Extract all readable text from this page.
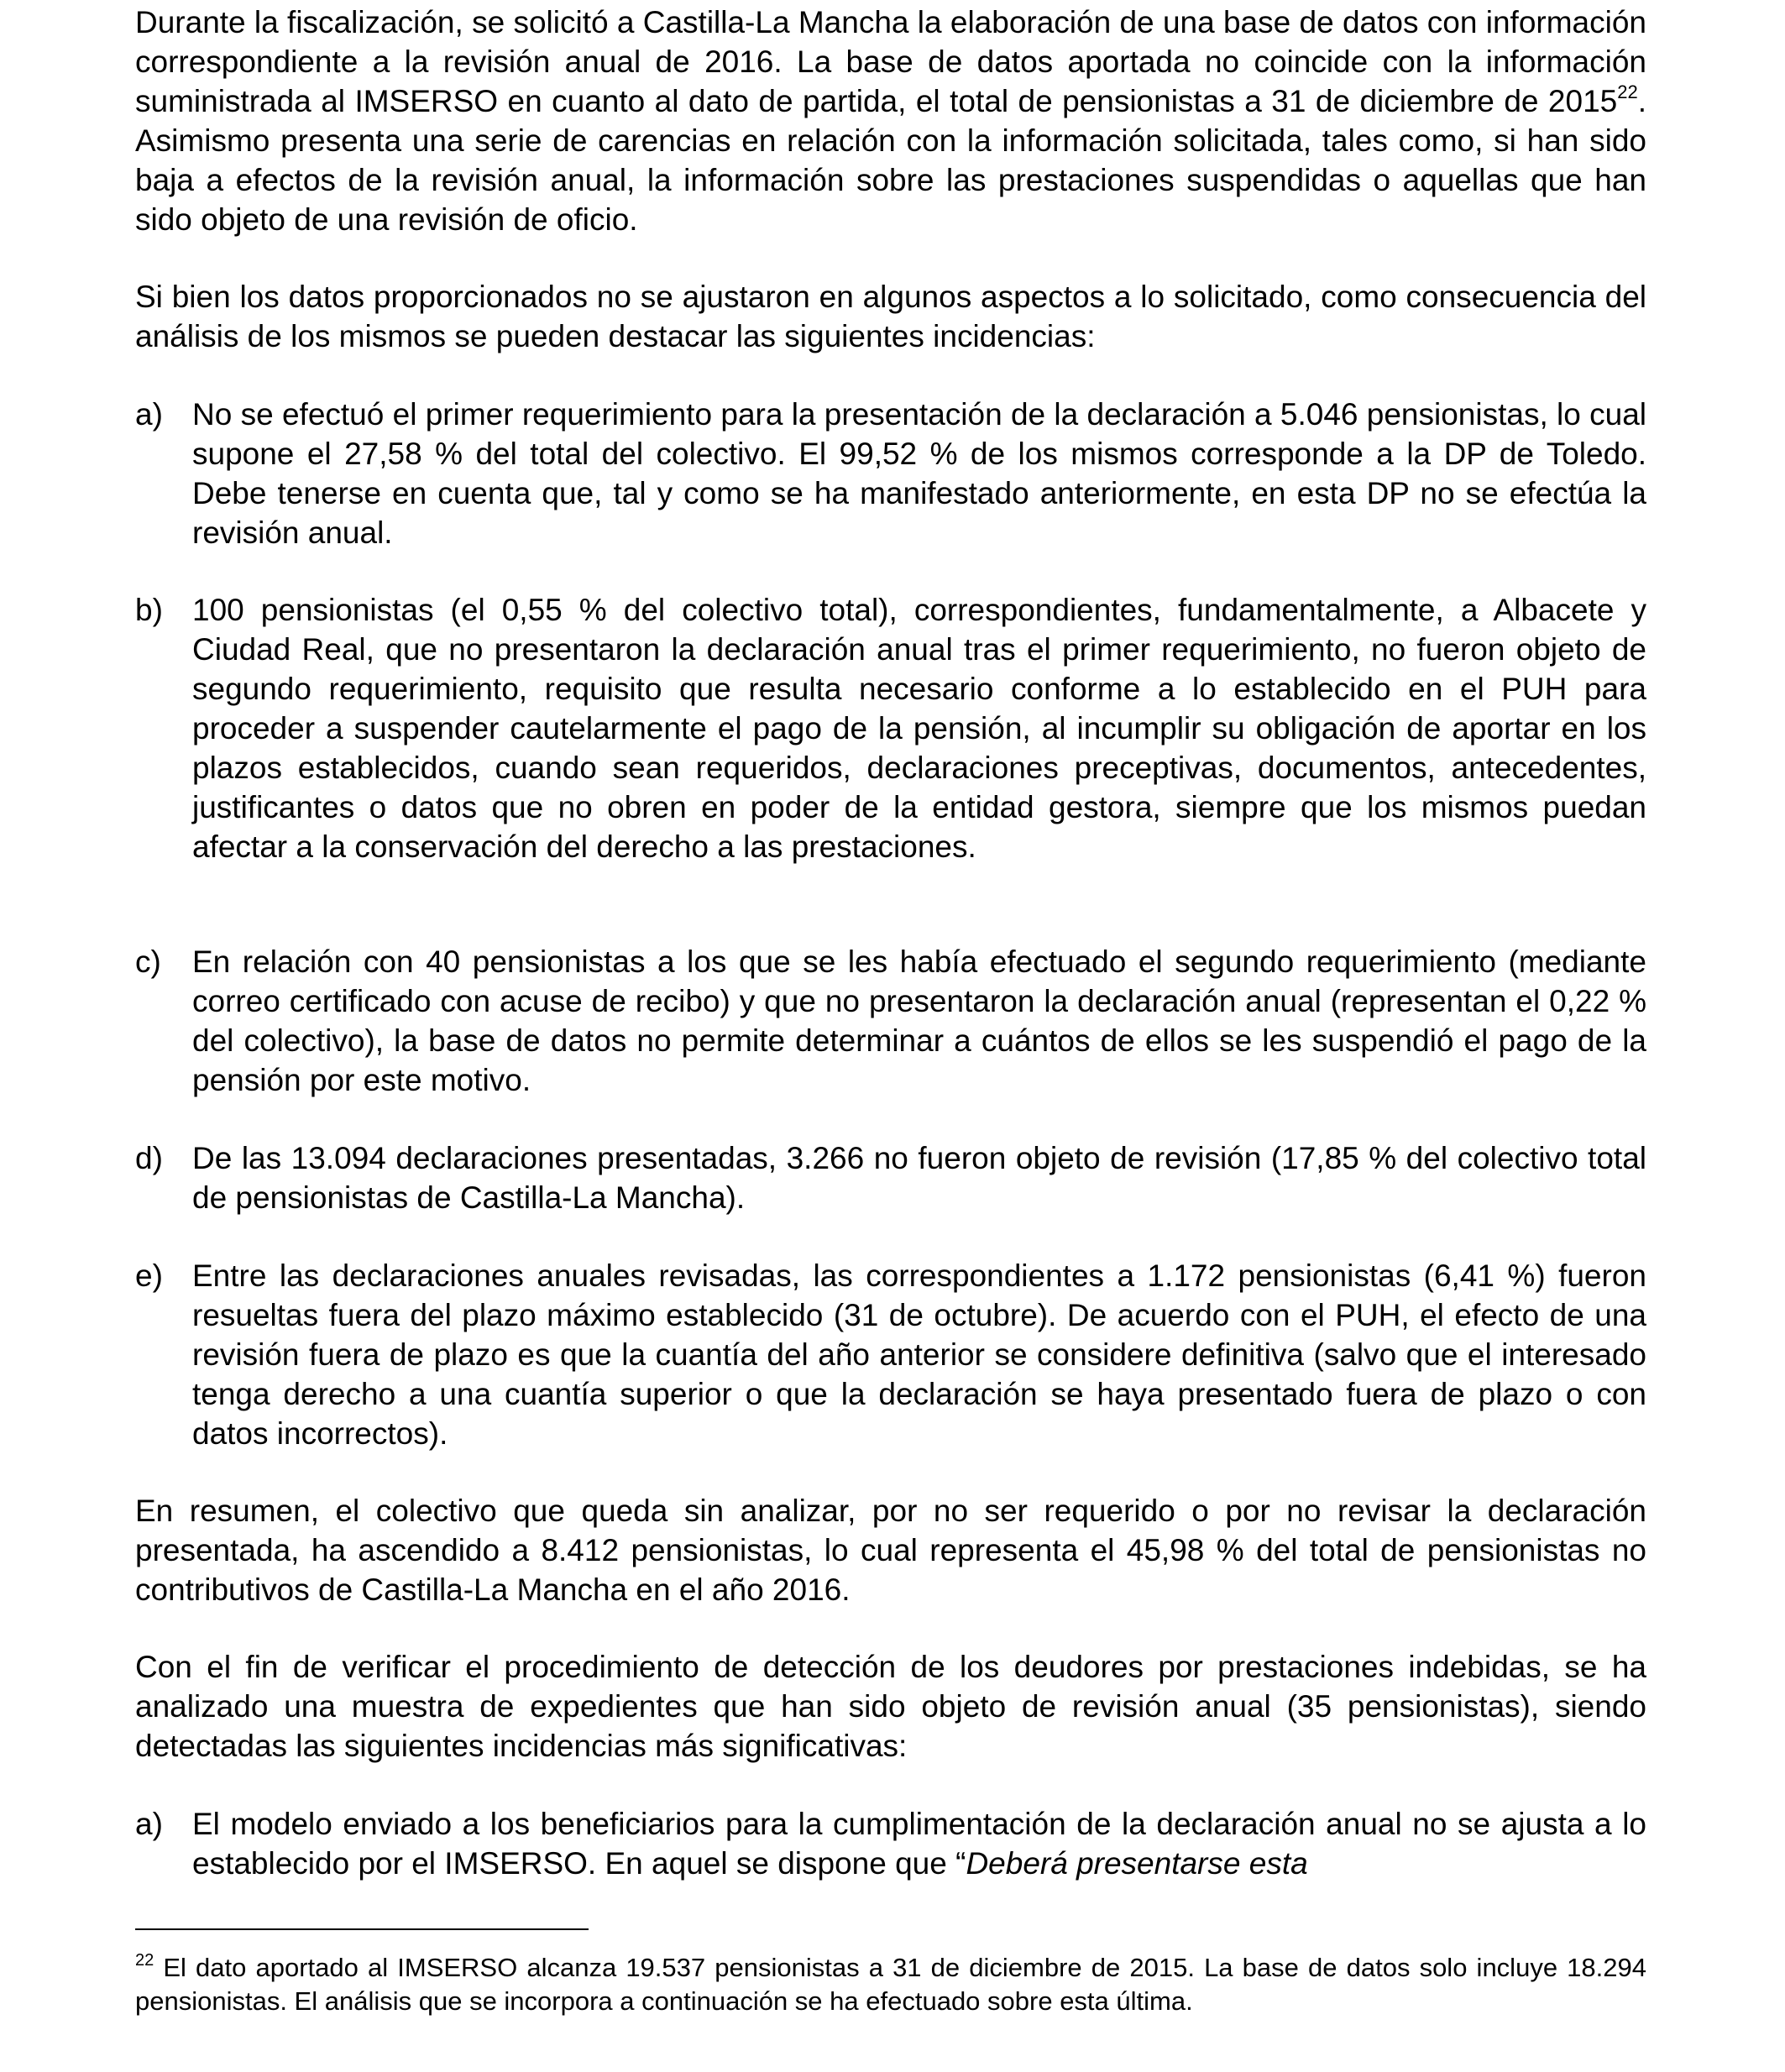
Durante la fiscalización, se solicitó a Castilla-La Mancha la elaboración de una base de datos con información correspondiente a la revisión anual de 2016. La base de datos aportada no coincide con la información suministrada al IMSERSO en cuanto al dato de partida, el total de pensionistas a 31 de diciembre de 2015$^{22}$. Asimismo presenta una serie de carencias en relación con la información solicitada, tales como, si han sido baja a efectos de la revisión anual, la información sobre las prestaciones suspendidas o aquellas que han sido objeto de una revisión de oficio.

Si bien los datos proporcionados no se ajustaron en algunos aspectos a lo solicitado, como consecuencia del análisis de los mismos se pueden destacar las siguientes incidencias:

a) No se efectuó el primer requerimiento para la presentación de la declaración a 5.046 pensionistas, lo cual supone el 27,58 % del total del colectivo. El 99,52 % de los mismos corresponde a la DP de Toledo. Debe tenerse en cuenta que, tal y como se ha manifestado anteriormente, en esta DP no se efectúa la revisión anual.

b) 100 pensionistas (el 0,55 % del colectivo total), correspondientes, fundamentalmente, a Albacete y Ciudad Real, que no presentaron la declaración anual tras el primer requerimiento, no fueron objeto de segundo requerimiento, requisito que resulta necesario conforme a lo establecido en el PUH para proceder a suspender cautelarmente el pago de la pensión, al incumplir su obligación de aportar en los plazos establecidos, cuando sean requeridos, declaraciones preceptivas, documentos, antecedentes, justificantes o datos que no obren en poder de la entidad gestora, siempre que los mismos puedan afectar a la conservación del derecho a las prestaciones.

c) En relación con 40 pensionistas a los que se les había efectuado el segundo requerimiento (mediante correo certificado con acuse de recibo) y que no presentaron la declaración anual (representan el 0,22 % del colectivo), la base de datos no permite determinar a cuántos de ellos se les suspendió el pago de la pensión por este motivo.

d) De las 13.094 declaraciones presentadas, 3.266 no fueron objeto de revisión (17,85 % del colectivo total de pensionistas de Castilla-La Mancha).

e) Entre las declaraciones anuales revisadas, las correspondientes a 1.172 pensionistas (6,41 %) fueron resueltas fuera del plazo máximo establecido (31 de octubre). De acuerdo con el PUH, el efecto de una revisión fuera de plazo es que la cuantía del año anterior se considere definitiva (salvo que el interesado tenga derecho a una cuantía superior o que la declaración se haya presentado fuera de plazo o con datos incorrectos).

En resumen, el colectivo que queda sin analizar, por no ser requerido o por no revisar la declaración presentada, ha ascendido a 8.412 pensionistas, lo cual representa el 45,98 % del total de pensionistas no contributivos de Castilla-La Mancha en el año 2016.

Con el fin de verificar el procedimiento de detección de los deudores por prestaciones indebidas, se ha analizado una muestra de expedientes que han sido objeto de revisión anual (35 pensionistas), siendo detectadas las siguientes incidencias más significativas:

a) El modelo enviado a los beneficiarios para la cumplimentación de la declaración anual no se ajusta a lo establecido por el IMSERSO. En aquel se dispone que “Deberá presentarse esta

$^{22}$ El dato aportado al IMSERSO alcanza 19.537 pensionistas a 31 de diciembre de 2015. La base de datos solo incluye 18.294 pensionistas. El análisis que se incorpora a continuación se ha efectuado sobre esta última.
